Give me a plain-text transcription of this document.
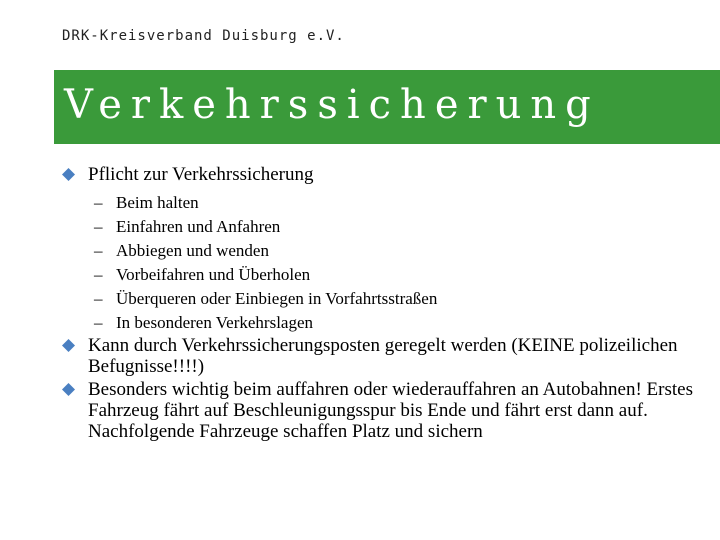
DRK-Kreisverband Duisburg e.V.
Verkehrssicherung
Pflicht zur Verkehrssicherung
– Beim halten
– Einfahren und Anfahren
– Abbiegen und wenden
– Vorbeifahren und Überholen
– Überqueren oder Einbiegen in Vorfahrtsstraßen
– In besonderen Verkehrslagen
Kann durch Verkehrssicherungsposten geregelt werden (KEINE polizeilichen Befugnisse!!!!)
Besonders wichtig beim auffahren oder wiederauffahren an Autobahnen! Erstes Fahrzeug fährt auf Beschleunigungsspur bis Ende und fährt erst dann auf. Nachfolgende Fahrzeuge schaffen Platz und sichern
